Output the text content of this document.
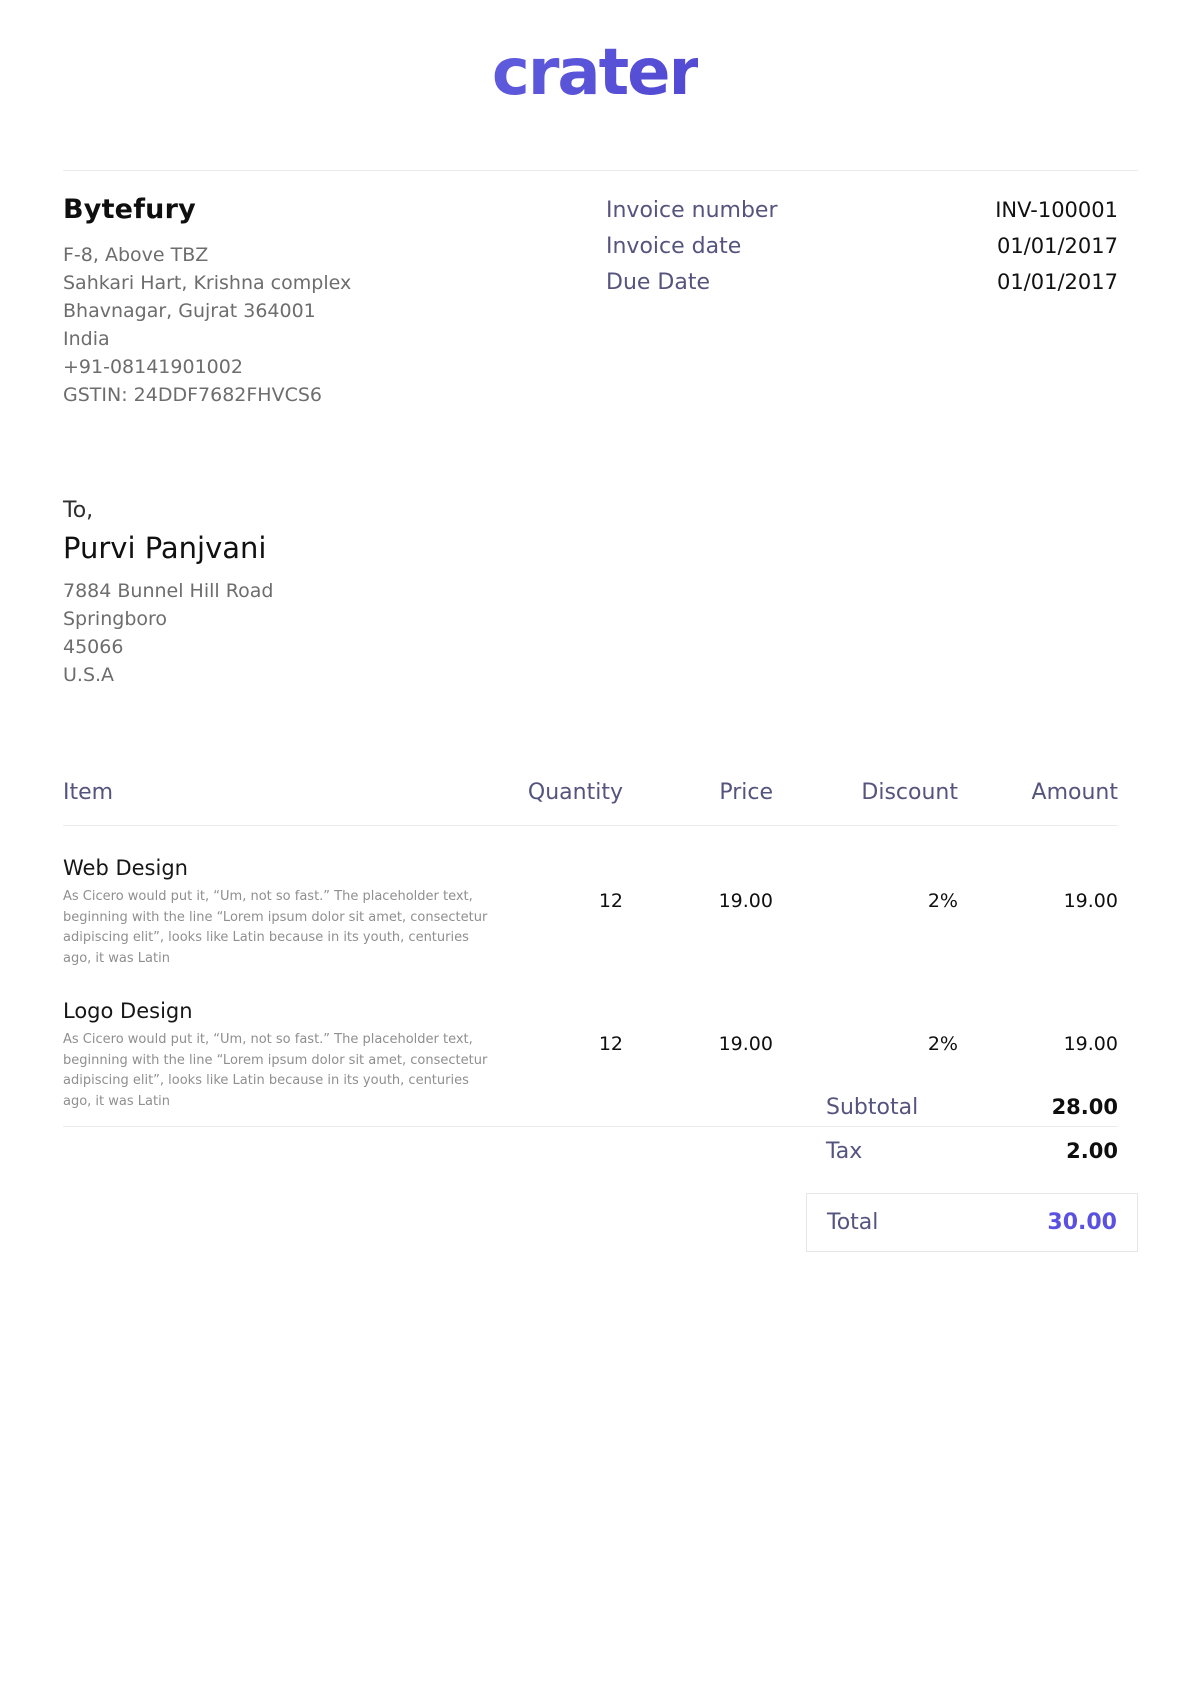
crater
Bytefury
F-8, Above TBZ
Sahkari Hart, Krishna complex
Bhavnagar, Gujrat 364001
India
+91-08141901002
GSTIN: 24DDF7682FHVCS6
Invoice number	INV-100001
Invoice date	01/01/2017
Due Date	01/01/2017
To,
Purvi Panjvani
7884 Bunnel Hill Road
Springboro
45066
U.S.A
Item	Quantity	Price	Discount	Amount
Web Design
As Cicero would put it, “Um, not so fast.” The placeholder text, beginning with the line “Lorem ipsum dolor sit amet, consectetur adipiscing elit”, looks like Latin because in its youth, centuries ago, it was Latin
12	19.00	2%	19.00
Logo Design
As Cicero would put it, “Um, not so fast.” The placeholder text, beginning with the line “Lorem ipsum dolor sit amet, consectetur adipiscing elit”, looks like Latin because in its youth, centuries ago, it was Latin
12	19.00	2%	19.00
Subtotal	28.00
Tax	2.00
Total	30.00
